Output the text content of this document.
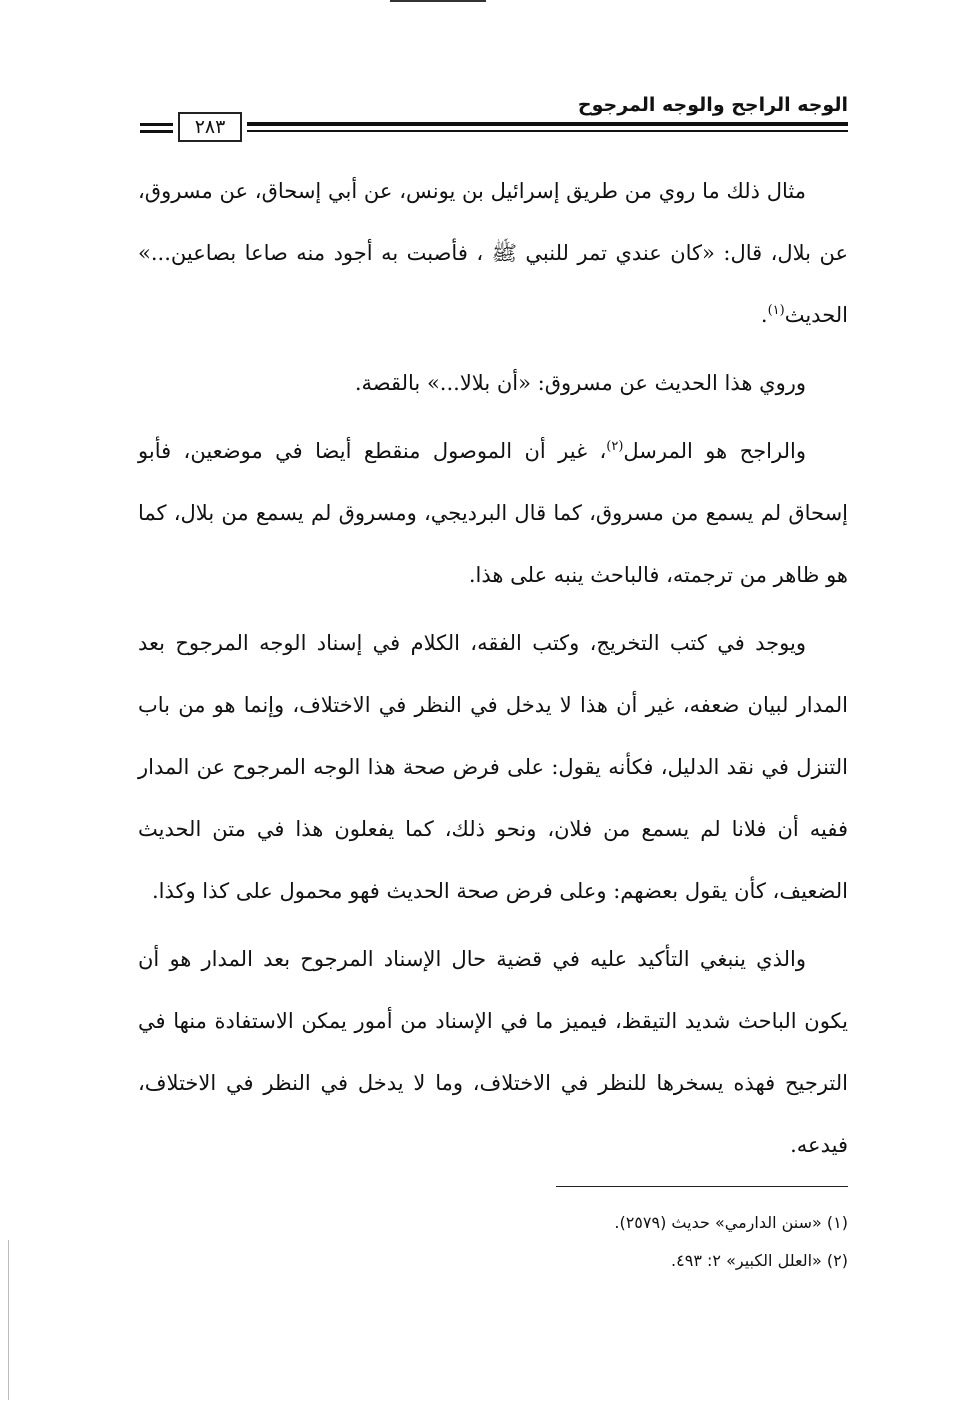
الوجه الراجح والوجه المرجوح
٢٨٣

مثال ذلك ما روي من طريق إسرائيل بن يونس، عن أبي إسحاق، عن مسروق، عن بلال، قال: «كان عندي تمر للنبي ﷺ ، فأصبت به أجود منه صاعا بصاعين...» الحديث$^{(١)}$.

وروي هذا الحديث عن مسروق: «أن بلالا...» بالقصة.

والراجح هو المرسل$^{(٢)}$، غير أن الموصول منقطع أيضا في موضعين، فأبو إسحاق لم يسمع من مسروق، كما قال البرديجي، ومسروق لم يسمع من بلال، كما هو ظاهر من ترجمته، فالباحث ينبه على هذا.

ويوجد في كتب التخريج، وكتب الفقه، الكلام في إسناد الوجه المرجوح بعد المدار لبيان ضعفه، غير أن هذا لا يدخل في النظر في الاختلاف، وإنما هو من باب التنزل في نقد الدليل، فكأنه يقول: على فرض صحة هذا الوجه المرجوح عن المدار ففيه أن فلانا لم يسمع من فلان، ونحو ذلك، كما يفعلون هذا في متن الحديث الضعيف، كأن يقول بعضهم: وعلى فرض صحة الحديث فهو محمول على كذا وكذا.

والذي ينبغي التأكيد عليه في قضية حال الإسناد المرجوح بعد المدار هو أن يكون الباحث شديد التيقظ، فيميز ما في الإسناد من أمور يمكن الاستفادة منها في الترجيح فهذه يسخرها للنظر في الاختلاف، وما لا يدخل في النظر في الاختلاف، فيدعه.

(١) «سنن الدارمي» حديث (٢٥٧٩).

(٢) «العلل الكبير» ٢: ٤٩٣.
